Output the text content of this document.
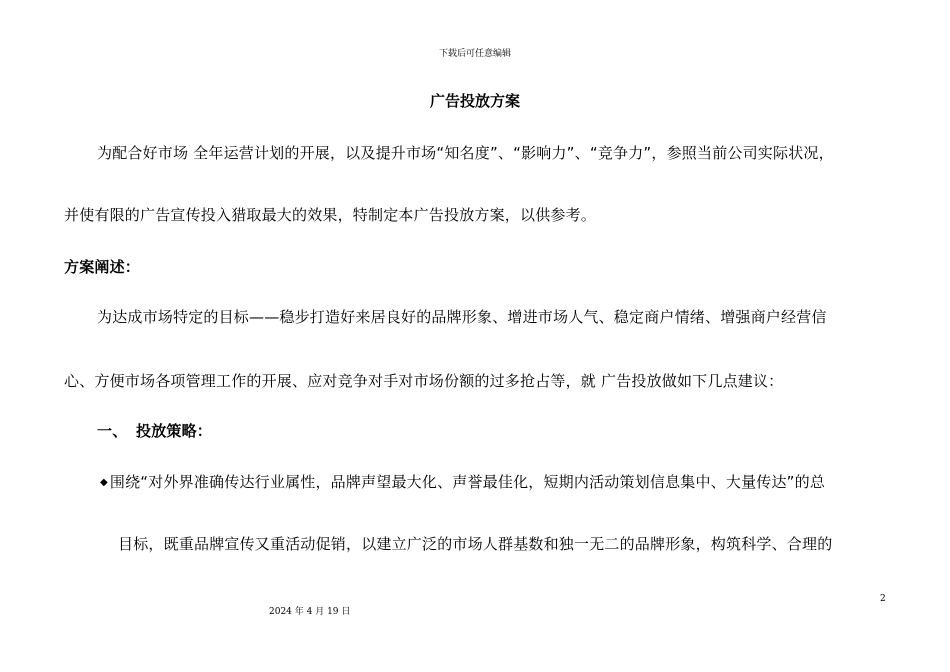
下载后可任意编辑
广告投放方案
为配合好市场 全年运营计划的开展，以及提升市场“知名度”、“影响力”、“竞争力”，参照当前公司实际状况，
并使有限的广告宣传投入猎取最大的效果，特制定本广告投放方案，以供参考。
方案阐述：
为达成市场特定的目标——稳步打造好来居良好的品牌形象、增进市场人气、稳定商户情绪、增强商户经营信
心、方便市场各项管理工作的开展、应对竞争对手对市场份额的过多抢占等，就 广告投放做如下几点建议：
一、 投放策略：
◆ 围绕“对外界准确传达行业属性，品牌声望最大化、声誉最佳化，短期内活动策划信息集中、大量传达”的总
目标，既重品牌宣传又重活动促销，以建立广泛的市场人群基数和独一无二的品牌形象，构筑科学、合理的
2
2024 年 4 月 19 日
